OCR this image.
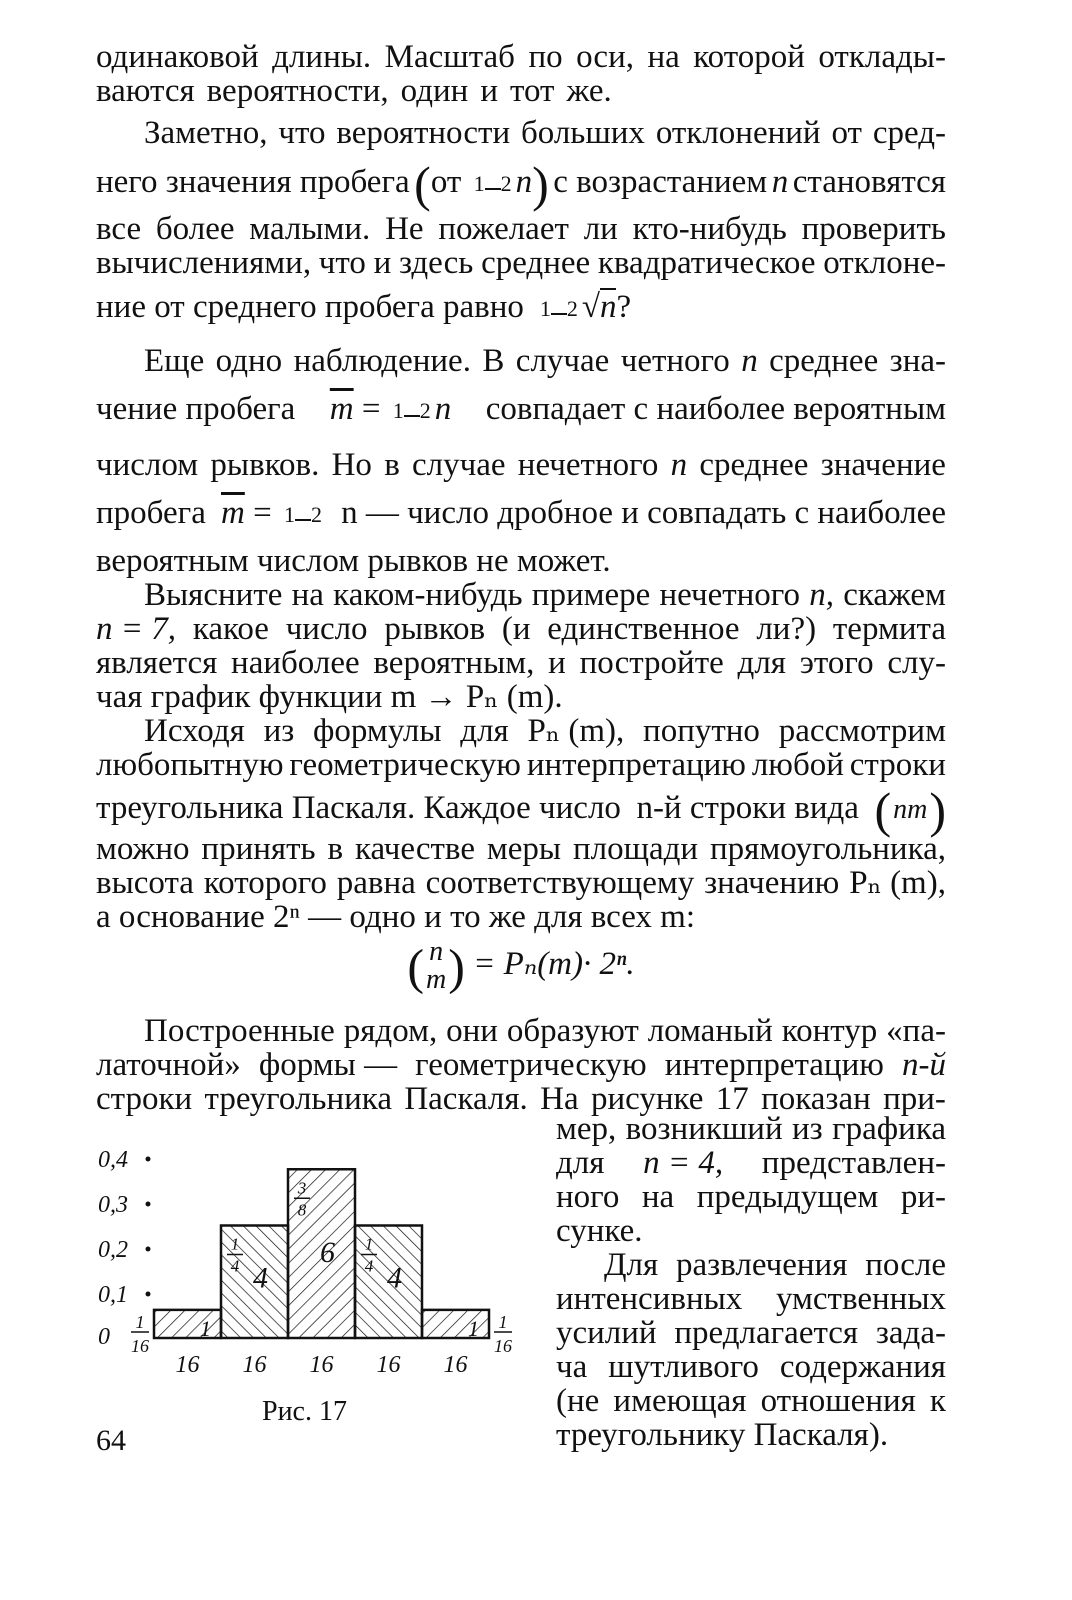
одинаковой длины. Масштаб по оси, на которой отклады-
ваются вероятности, один и тот же.
Заметно, что вероятности больших отклонений от сред-
него значения пробега (от 1 2 n) с возрастанием n становятся
все более малыми. Не пожелает ли кто-нибудь проверить
вычислениями, что и здесь среднее квадратическое отклоне-
ние от среднего пробега равно 1 2 √n?
Еще одно наблюдение. В случае четного n среднее зна-
чение пробега $\overline{m} = 1$ 2 n совпадает с наиболее вероятным
числом рывков. Но в случае нечетного n среднее значение
пробега $\overline{m} = 1$ 2 n — число дробное и совпадать с наиболее
вероятным числом рывков не может.
Выясните на каком-нибудь примере нечетного n, скажем
n = 7, какое число рывков (и единственное ли?) термита
является наиболее вероятным, и постройте для этого слу-
чая график функции m → Pₙ (m).
Исходя из формулы для Pₙ (m), попутно рассмотрим
любопытную геометрическую интерпретацию любой строки
треугольника Паскаля. Каждое число n-й строки вида (nm)
можно принять в качестве меры площади прямоугольника,
высота которого равна соответствующему значению Pₙ (m),
а основание 2ⁿ — одно и то же для всех m:
( n
m ) = Pₙ(m)· 2ⁿ.
Построенные рядом, они образуют ломаный контур «па-
латочной» формы — геометрическую интерпретацию n-й
строки треугольника Паскаля. На рисунке 17 показан при-
мер, возникший из графика
для n = 4, представлен-
ного на предыдущем ри-
сунке.
Для развлечения после
интенсивных умственных
усилий предлагается зада-
ча шутливого содержания
(не имеющая отношения к
треугольнику Паскаля).
0
0,1
0,2
0,3
0,4
1
16
4
1
4
16
6
3
8
16
4
1
4
16
1
16
1
16
1
16
Рис. 17
64
